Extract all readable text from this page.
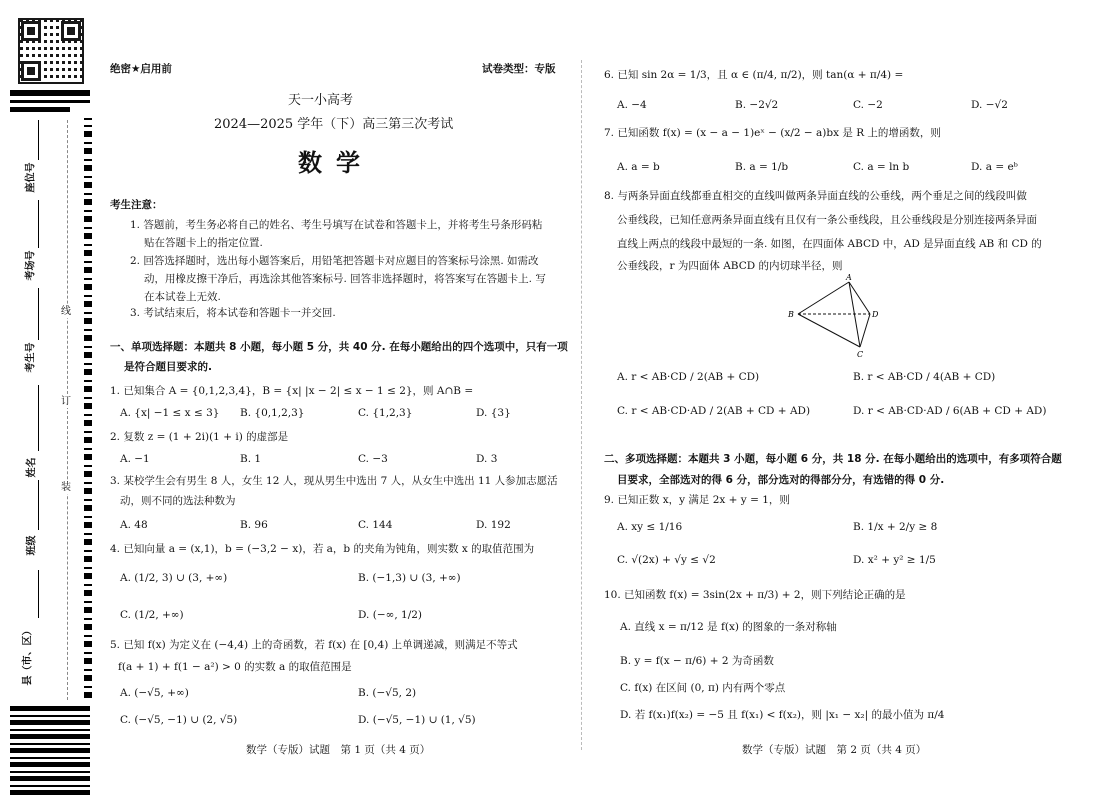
座位号
考场号
考生号
姓名
班级
县（市、区）
线
订
装
绝密★启用前	试卷类型：专版
天一小高考
2024—2025 学年（下）高三第三次考试
数学
考生注意：
1. 答题前，考生务必将自己的姓名、考生号填写在试卷和答题卡上，并将考生号条形码粘
贴在答题卡上的指定位置.
2. 回答选择题时，选出每小题答案后，用铅笔把答题卡对应题目的答案标号涂黑. 如需改
动，用橡皮擦干净后，再选涂其他答案标号. 回答非选择题时，将答案写在答题卡上. 写
在本试卷上无效.
3. 考试结束后，将本试卷和答题卡一并交回.
一、单项选择题：本题共 8 小题，每小题 5 分，共 40 分. 在每小题给出的四个选项中，只有一项
是符合题目要求的.
1. 已知集合 A = {0,1,2,3,4}，B = {x| |x − 2| ≤ x − 1 ≤ 2}，则 A∩B =
A. {x| −1 ≤ x ≤ 3} B. {0,1,2,3}	C. {1,2,3}	D. {3}
2. 复数 z = (1 + 2i)(1 + i) 的虚部是
A. −1	B. 1	C. −3	D. 3
3. 某校学生会有男生 8 人，女生 12 人，现从男生中选出 7 人，从女生中选出 11 人参加志愿活
动，则不同的选法种数为
A. 48	B. 96	C. 144	D. 192
4. 已知向量 a = (x,1)，b = (−3,2 − x)，若 a，b 的夹角为钝角，则实数 x 的取值范围为
A. (1/2, 3) ∪ (3, +∞)	B. (−1,3) ∪ (3, +∞)
C. (1/2, +∞)	D. (−∞, 1/2)
5. 已知 f(x) 为定义在 (−4,4) 上的奇函数，若 f(x) 在 [0,4) 上单调递减，则满足不等式
f(a + 1) + f(1 − a²) > 0 的实数 a 的取值范围是
A. (−√5, +∞)	B. (−√5, 2)
C. (−√5, −1) ∪ (2, √5)	D. (−√5, −1) ∪ (1, √5)
数学（专版）试题　第 1 页（共 4 页）
6. 已知 sin 2α = 1/3，且 α ∈ (π/4, π/2)，则 tan(α + π/4) =
A. −4	B. −2√2	C. −2	D. −√2
7. 已知函数 f(x) = (x − a − 1)eˣ − (x/2 − a)bx 是 R 上的增函数，则
A. a = b	B. a = 1/b	C. a = ln b	D. a = eᵇ
8. 与两条异面直线都垂直相交的直线叫做两条异面直线的公垂线，两个垂足之间的线段叫做
公垂线段，已知任意两条异面直线有且仅有一条公垂线段，且公垂线段是分别连接两条异面
直线上两点的线段中最短的一条. 如图，在四面体 ABCD 中，AD 是异面直线 AB 和 CD 的
公垂线段，r 为四面体 ABCD 的内切球半径，则
A
B
C
D
A. r < AB·CD / 2(AB + CD)	B. r < AB·CD / 4(AB + CD)
C. r < AB·CD·AD / 2(AB + CD + AD)	D. r < AB·CD·AD / 6(AB + CD + AD)
二、多项选择题：本题共 3 小题，每小题 6 分，共 18 分. 在每小题给出的选项中，有多项符合题
目要求，全部选对的得 6 分，部分选对的得部分分，有选错的得 0 分.
9. 已知正数 x，y 满足 2x + y = 1，则
A. xy ≤ 1/16	B. 1/x + 2/y ≥ 8
C. √(2x) + √y ≤ √2	D. x² + y² ≥ 1/5
10. 已知函数 f(x) = 3sin(2x + π/3) + 2，则下列结论正确的是
A. 直线 x = π/12 是 f(x) 的图象的一条对称轴
B. y = f(x − π/6) + 2 为奇函数
C. f(x) 在区间 (0, π) 内有两个零点
D. 若 f(x₁)f(x₂) = −5 且 f(x₁) < f(x₂)，则 |x₁ − x₂| 的最小值为 π/4
数学（专版）试题　第 2 页（共 4 页）
